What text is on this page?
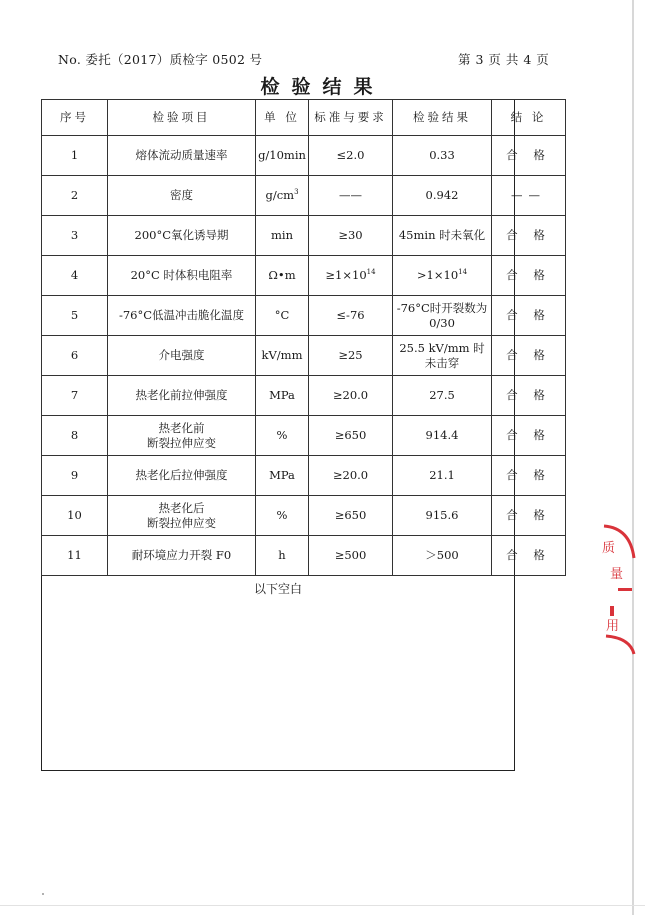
No. 委托（2017）质检字 0502 号	第 3 页 共 4 页
检验结果
序号	检验项目	单 位	标准与要求	检验结果	结 论
1	熔体流动质量速率	g/10min	≤2.0	0.33	合 格
2	密度	$g/cm^3$	——	0.942	——
3	200°C氧化诱导期	min	≥30	45min 时未氧化	合 格
4	20°C 时体积电阻率	Ω•m	$\ge 1\times 10^{14}$	$>1\times 10^{14}$	合 格
5	-76°C低温冲击脆化温度	°C	≤-76	-76°C时开裂数为
0/30	合 格
6	介电强度	kV/mm	≥25	25.5 kV/mm 时
未击穿	合 格
7	热老化前拉伸强度	MPa	≥20.0	27.5	合 格
8	热老化前
断裂拉伸应变	%	≥650	914.4	合 格
9	热老化后拉伸强度	MPa	≥20.0	21.1	合 格
10	热老化后
断裂拉伸应变	%	≥650	915.6	合 格
11	耐环境应力开裂 F0	h	≥500	＞500	合 格
以下空白
质
量
用
